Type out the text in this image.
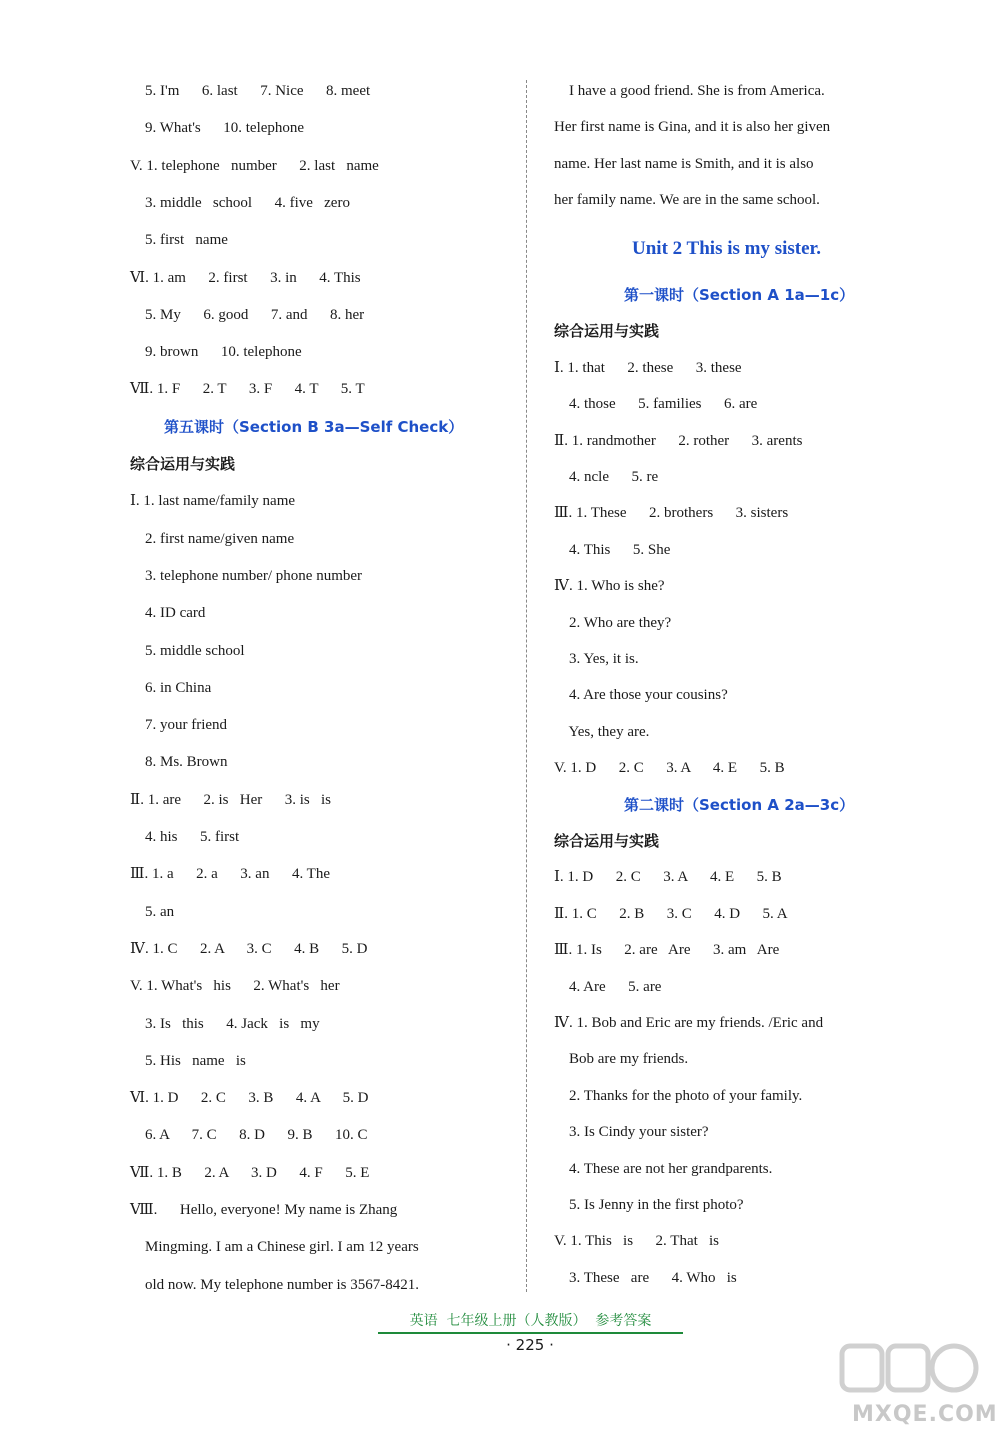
5. I'm      6. last      7. Nice      8. meet
9. What's      10. telephone
V. 1. telephone   number      2. last   name
3. middle   school      4. five   zero
5. first   name
Ⅵ. 1. am      2. first      3. in      4. This
5. My      6. good      7. and      8. her
9. brown      10. telephone
Ⅶ. 1. F      2. T      3. F      4. T      5. T
第五课时（Section B 3a—Self Check）
综合运用与实践
Ⅰ. 1. last name/family name
2. first name/given name
3. telephone number/ phone number
4. ID card
5. middle school
6. in China
7. your friend
8. Ms. Brown
Ⅱ. 1. are      2. is   Her      3. is   is
4. his      5. first
Ⅲ. 1. a      2. a      3. an      4. The
5. an
Ⅳ. 1. C      2. A      3. C      4. B      5. D
V. 1. What's   his      2. What's   her
3. Is   this      4. Jack   is   my
5. His   name   is
Ⅵ. 1. D      2. C      3. B      4. A      5. D
6. A      7. C      8. D      9. B      10. C
Ⅶ. 1. B      2. A      3. D      4. F      5. E
Ⅷ.      Hello, everyone! My name is Zhang
Mingming. I am a Chinese girl. I am 12 years
old now. My telephone number is 3567-8421.
I have a good friend. She is from America.
Her first name is Gina, and it is also her given
name. Her last name is Smith, and it is also
her family name. We are in the same school.
Unit 2 This is my sister.
第一课时（Section A 1a—1c）
综合运用与实践
Ⅰ. 1. that      2. these      3. these
4. those      5. families      6. are
Ⅱ. 1. randmother      2. rother      3. arents
4. ncle      5. re
Ⅲ. 1. These      2. brothers      3. sisters
4. This      5. She
Ⅳ. 1. Who is she?
2. Who are they?
3. Yes, it is.
4. Are those your cousins?
Yes, they are.
V. 1. D      2. C      3. A      4. E      5. B
第二课时（Section A 2a—3c）
综合运用与实践
Ⅰ. 1. D      2. C      3. A      4. E      5. B
Ⅱ. 1. C      2. B      3. C      4. D      5. A
Ⅲ. 1. Is      2. are   Are      3. am   Are
4. Are      5. are
Ⅳ. 1. Bob and Eric are my friends. /Eric and
Bob are my friends.
2. Thanks for the photo of your family.
3. Is Cindy your sister?
4. These are not her grandparents.
5. Is Jenny in the first photo?
V. 1. This   is      2. That   is
3. These   are      4. Who   is
英语  七年级上册（人教版）  参考答案
· 225 ·
MXQE.COM
